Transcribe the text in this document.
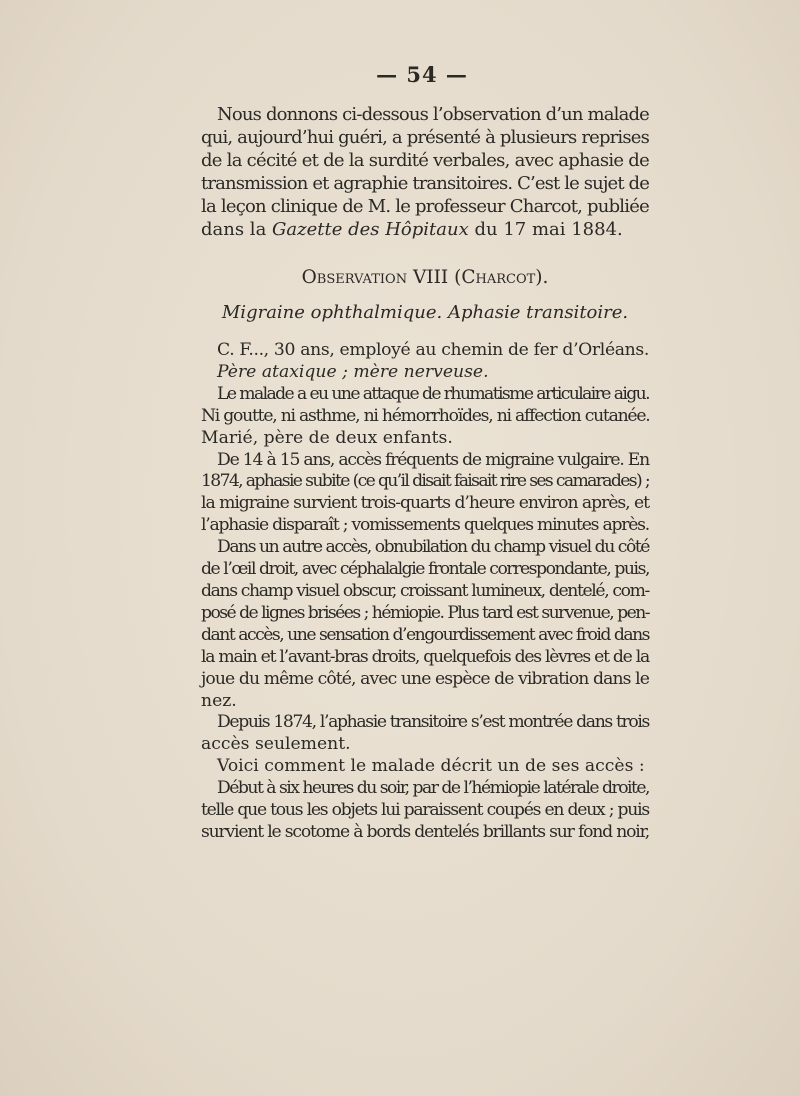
— 54 —
Nous donnons ci-dessous l’observation d’un malade
qui, aujourd’hui guéri, a présenté à plusieurs reprises
de la cécité et de la surdité verbales, avec aphasie de
transmission et agraphie transitoires. C’est le sujet de
la leçon clinique de M. le professeur Charcot, publiée
dans la Gazette des Hôpitaux du 17 mai 1884.
Observation VIII (Charcot).
Migraine ophthalmique. Aphasie transitoire.
C. F..., 30 ans, employé au chemin de fer d’Orléans.
Père ataxique ; mère nerveuse.
Le malade a eu une attaque de rhumatisme articulaire aigu.
Ni goutte, ni asthme, ni hémorrhoïdes, ni affection cutanée.
Marié, père de deux enfants.
De 14 à 15 ans, accès fréquents de migraine vulgaire. En
1874, aphasie subite (ce qu’il disait faisait rire ses camarades) ;
la migraine survient trois-quarts d’heure environ après, et
l’aphasie disparaît ; vomissements quelques minutes après.
Dans un autre accès, obnubilation du champ visuel du côté
de l’œil droit, avec céphalalgie frontale correspondante, puis,
dans champ visuel obscur, croissant lumineux, dentelé, com-
posé de lignes brisées ; hémiopie. Plus tard est survenue, pen-
dant accès, une sensation d’engourdissement avec froid dans
la main et l’avant-bras droits, quelquefois des lèvres et de la
joue du même côté, avec une espèce de vibration dans le
nez.
Depuis 1874, l’aphasie transitoire s’est montrée dans trois
accès seulement.
Voici comment le malade décrit un de ses accès :
Début à six heures du soir, par de l’hémiopie latérale droite,
telle que tous les objets lui paraissent coupés en deux ; puis
survient le scotome à bords dentelés brillants sur fond noir,
